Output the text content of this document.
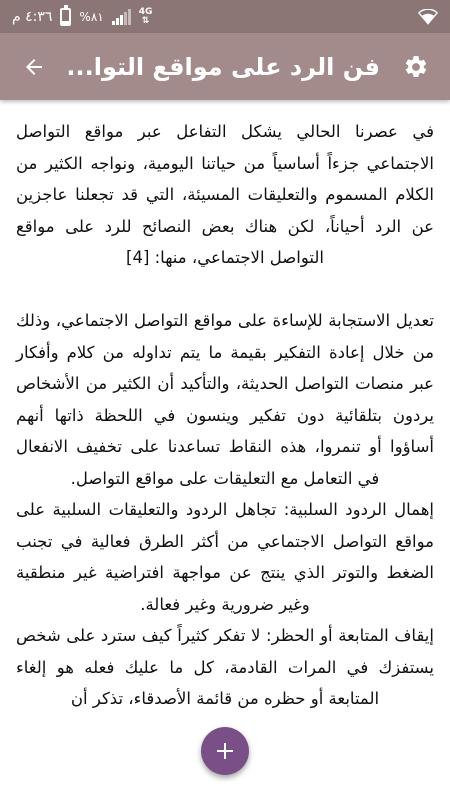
٤:٣٦ م %٨١	4G
⇅
فن الرد على مواقع التوا...

في عصرنا الحالي يشكل التفاعل عبر مواقع التواصل الاجتماعي جزءاً أساسياً من حياتنا اليومية، ونواجه الكثير من الكلام المسموم والتعليقات المسيئة، التي قد تجعلنا عاجزين عن الرد أحياناً، لكن هناك بعض النصائح للرد على مواقع التواصل الاجتماعي، منها: [4]

تعديل الاستجابة للإساءة على مواقع التواصل الاجتماعي، وذلك من خلال إعادة التفكير بقيمة ما يتم تداوله من كلام وأفكار عبر منصات التواصل الحديثة، والتأكيد أن الكثير من الأشخاص يردون بتلقائية دون تفكير وينسون في اللحظة ذاتها أنهم أساؤوا أو تنمروا، هذه النقاط تساعدنا على تخفيف الانفعال في التعامل مع التعليقات على مواقع التواصل.

إهمال الردود السلبية: تجاهل الردود والتعليقات السلبية على مواقع التواصل الاجتماعي من أكثر الطرق فعالية في تجنب الضغط والتوتر الذي ينتج عن مواجهة افتراضية غير منطقية وغير ضرورية وغير فعالة.

إيقاف المتابعة أو الحظر: لا تفكر كثيراً كيف سترد على شخص يستفزك في المرات القادمة، كل ما عليك فعله هو إلغاء المتابعة أو حظره من قائمة الأصدقاء، تذكر أن
